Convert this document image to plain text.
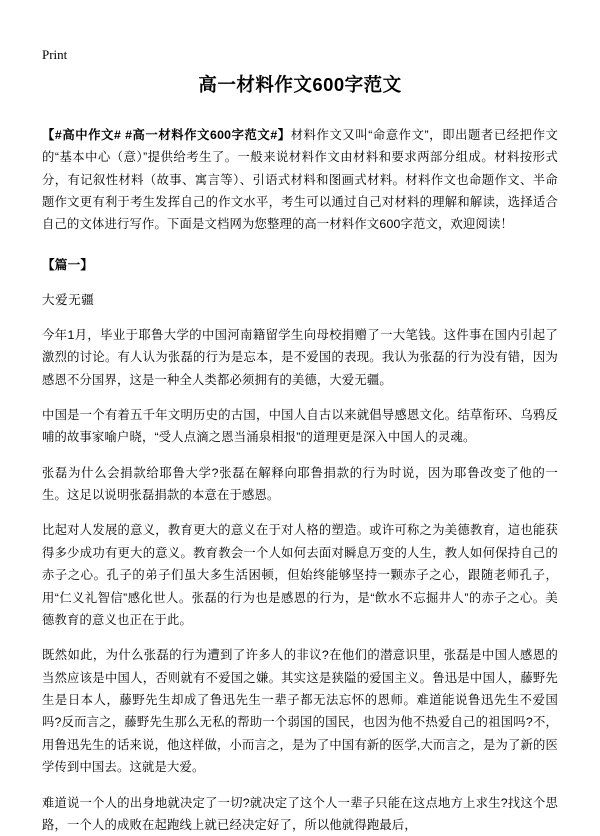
Print
高一材料作文600字范文

【#高中作文# #高一材料作文600字范文#】材料作文又叫“命意作文”，即出题者已经把作文的“基本中心（意）”提供给考生了。一般来说材料作文由材料和要求两部分组成。材料按形式分，有记叙性材料（故事、寓言等）、引语式材料和图画式材料。材料作文也命题作文、半命题作文更有利于考生发挥自己的作文水平，考生可以通过自己对材料的理解和解读，选择适合自己的文体进行写作。下面是文档网为您整理的高一材料作文600字范文，欢迎阅读！

【篇一】

大爱无疆

今年1月，毕业于耶鲁大学的中国河南籍留学生向母校捐赠了一大笔钱。这件事在国内引起了激烈的讨论。有人认为张磊的行为是忘本，是不爱国的表现。我认为张磊的行为没有错，因为感恩不分国界，这是一种全人类都必须拥有的美德，大爱无疆。

中国是一个有着五千年文明历史的古国，中国人自古以来就倡导感恩文化。结草衔环、乌鸦反哺的故事家喻户晓，“受人点滴之恩当涌泉相报”的道理更是深入中国人的灵魂。

张磊为什么会捐款给耶鲁大学?张磊在解释向耶鲁捐款的行为时说，因为耶鲁改变了他的一生。这足以说明张磊捐款的本意在于感恩。

比起对人发展的意义，教育更大的意义在于对人格的塑造。或许可称之为美德教育，這也能获得多少成功有更大的意义。教育教会一个人如何去面对瞬息万变的人生，教人如何保持自己的赤子之心。孔子的弟子们虽大多生活困顿，但始终能够坚持一颗赤子之心，跟随老师孔子，用“仁义礼智信”感化世人。张磊的行为也是感恩的行为，是“飲水不忘掘井人”的赤子之心。美德教育的意义也正在于此。

既然如此，为什么张磊的行为遭到了许多人的非议?在他们的潜意识里，张磊是中国人感恩的当然应该是中国人，否则就有不爱国之嫌。其实这是狭隘的爱国主义。鲁迅是中国人，藤野先生是日本人，藤野先生却成了鲁迅先生一辈子都无法忘怀的恩师。难道能说鲁迅先生不爱国吗?反而言之，藤野先生那么无私的帮助一个弱国的国民，也因为他不热爱自己的祖国吗?不，用鲁迅先生的话来说，他这样做，小而言之，是为了中国有新的医学,大而言之，是为了新的医学传到中国去。这就是大爱。

难道说一个人的出身地就决定了一切?就决定了这个人一辈子只能在这点地方上求生?找这个思路，一个人的成败在起跑线上就已经决定好了，所以他就得跑最后，
